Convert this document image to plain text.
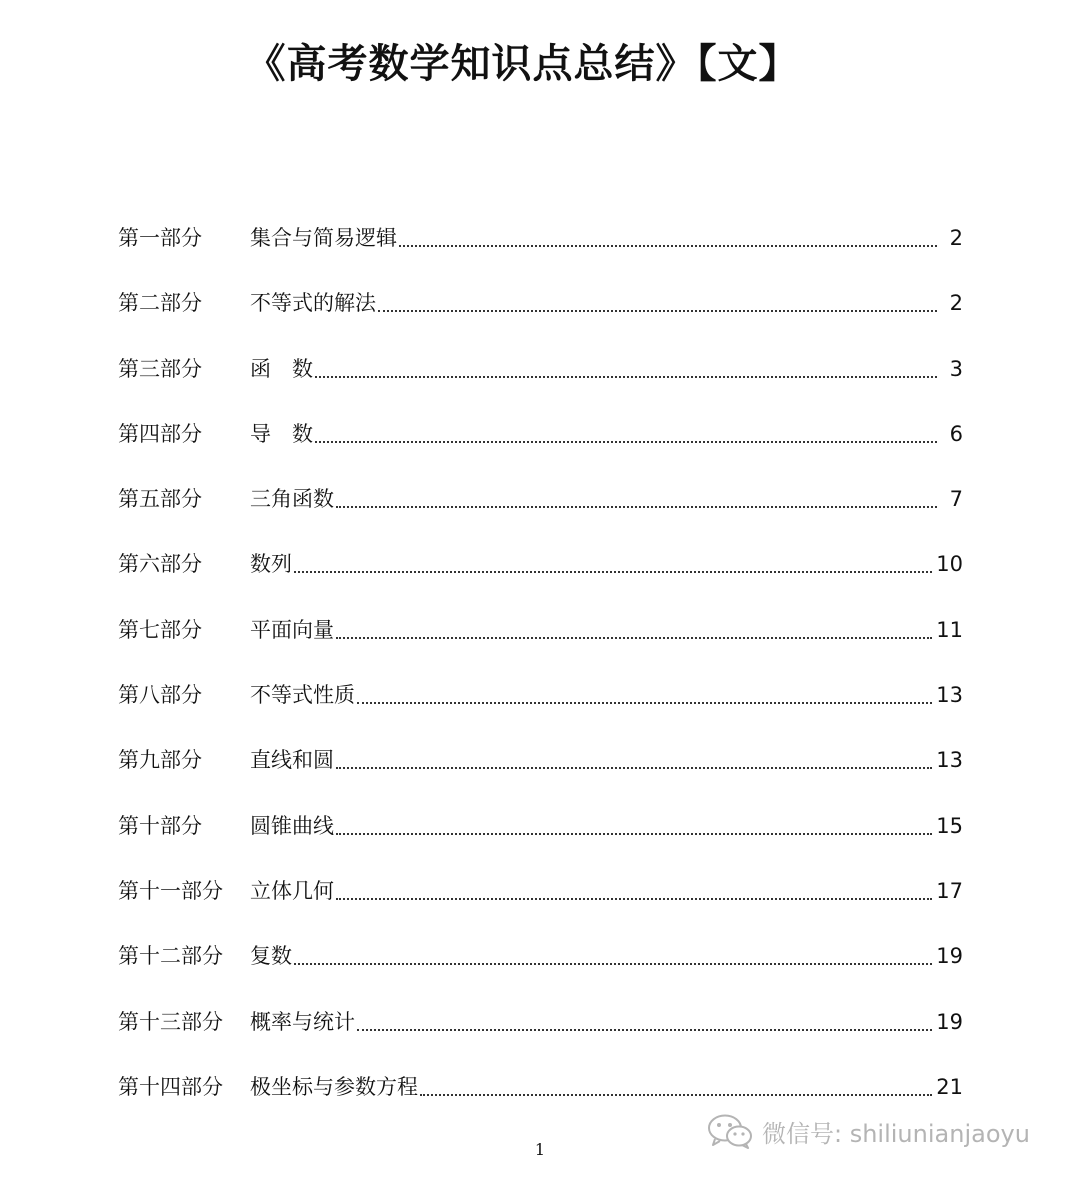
《高考数学知识点总结》【文】
第一部分	集合与简易逻辑	2
第二部分	不等式的解法	2
第三部分	函　数	3
第四部分	导　数	6
第五部分	三角函数	7
第六部分	数列	10
第七部分	平面向量	11
第八部分	不等式性质	13
第九部分	直线和圆	13
第十部分	圆锥曲线	15
第十一部分	立体几何	17
第十二部分	复数	19
第十三部分	概率与统计	19
第十四部分	极坐标与参数方程	21
1
微信号: shiliunianjaoyu
